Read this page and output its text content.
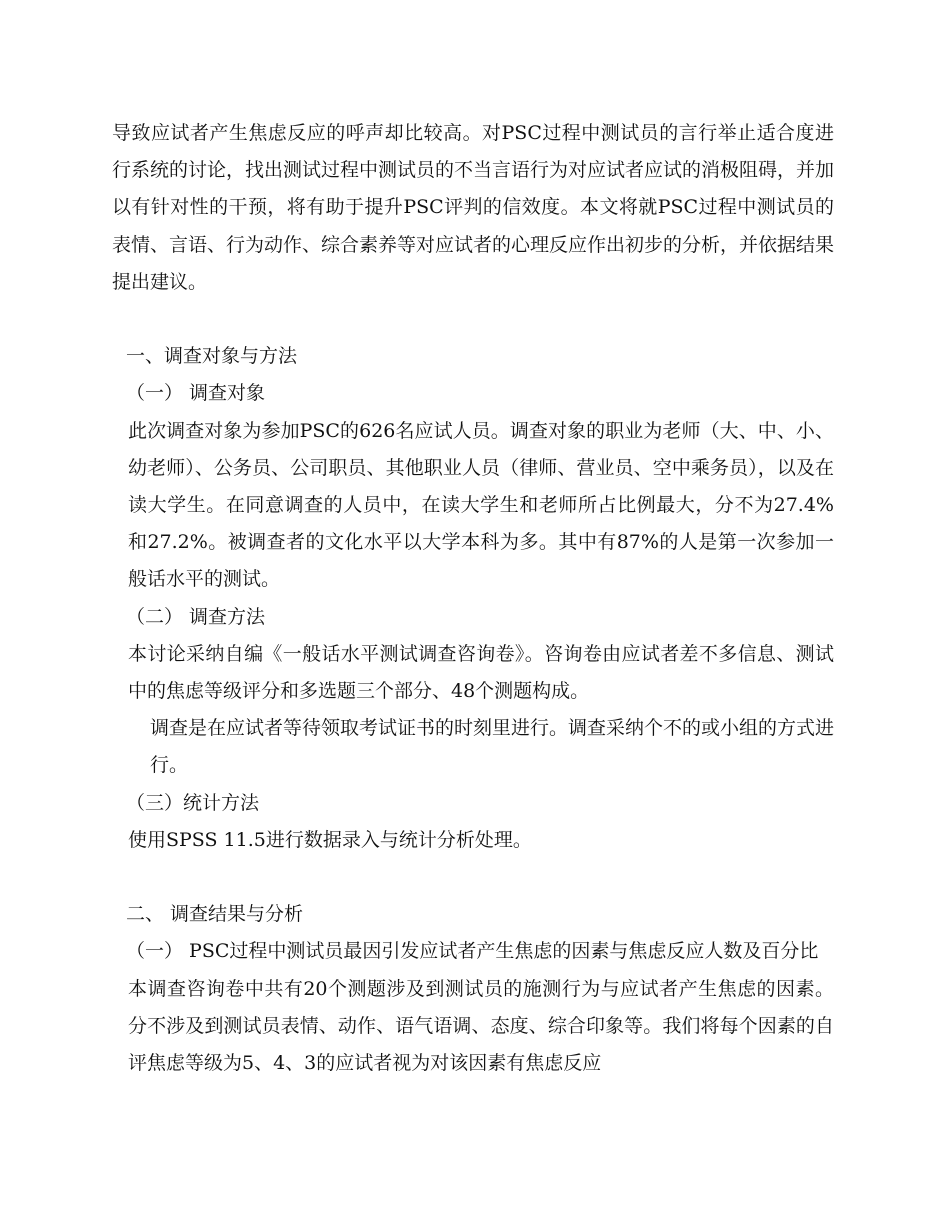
导致应试者产生焦虑反应的呼声却比较高。对PSC过程中测试员的言行举止适合度进行系统的讨论，找出测试过程中测试员的不当言语行为对应试者应试的消极阻碍，并加以有针对性的干预，将有助于提升PSC评判的信效度。本文将就PSC过程中测试员的表情、言语、行为动作、综合素养等对应试者的心理反应作出初步的分析，并依据结果提出建议。

一、调查对象与方法

（一） 调查对象

此次调查对象为参加PSC的626名应试人员。调查对象的职业为老师（大、中、小、幼老师）、公务员、公司职员、其他职业人员（律师、营业员、空中乘务员），以及在读大学生。在同意调查的人员中，在读大学生和老师所占比例最大，分不为27.4%和27.2%。被调查者的文化水平以大学本科为多。其中有87%的人是第一次参加一般话水平的测试。

（二） 调查方法

本讨论采纳自编《一般话水平测试调查咨询卷》。咨询卷由应试者差不多信息、测试中的焦虑等级评分和多选题三个部分、48个测题构成。

调查是在应试者等待领取考试证书的时刻里进行。调查采纳个不的或小组的方式进行。

（三）统计方法

使用SPSS 11.5进行数据录入与统计分析处理。

二、 调查结果与分析

（一） PSC过程中测试员最因引发应试者产生焦虑的因素与焦虑反应人数及百分比

本调查咨询卷中共有20个测题涉及到测试员的施测行为与应试者产生焦虑的因素。分不涉及到测试员表情、动作、语气语调、态度、综合印象等。我们将每个因素的自评焦虑等级为5、4、3的应试者视为对该因素有焦虑反应
